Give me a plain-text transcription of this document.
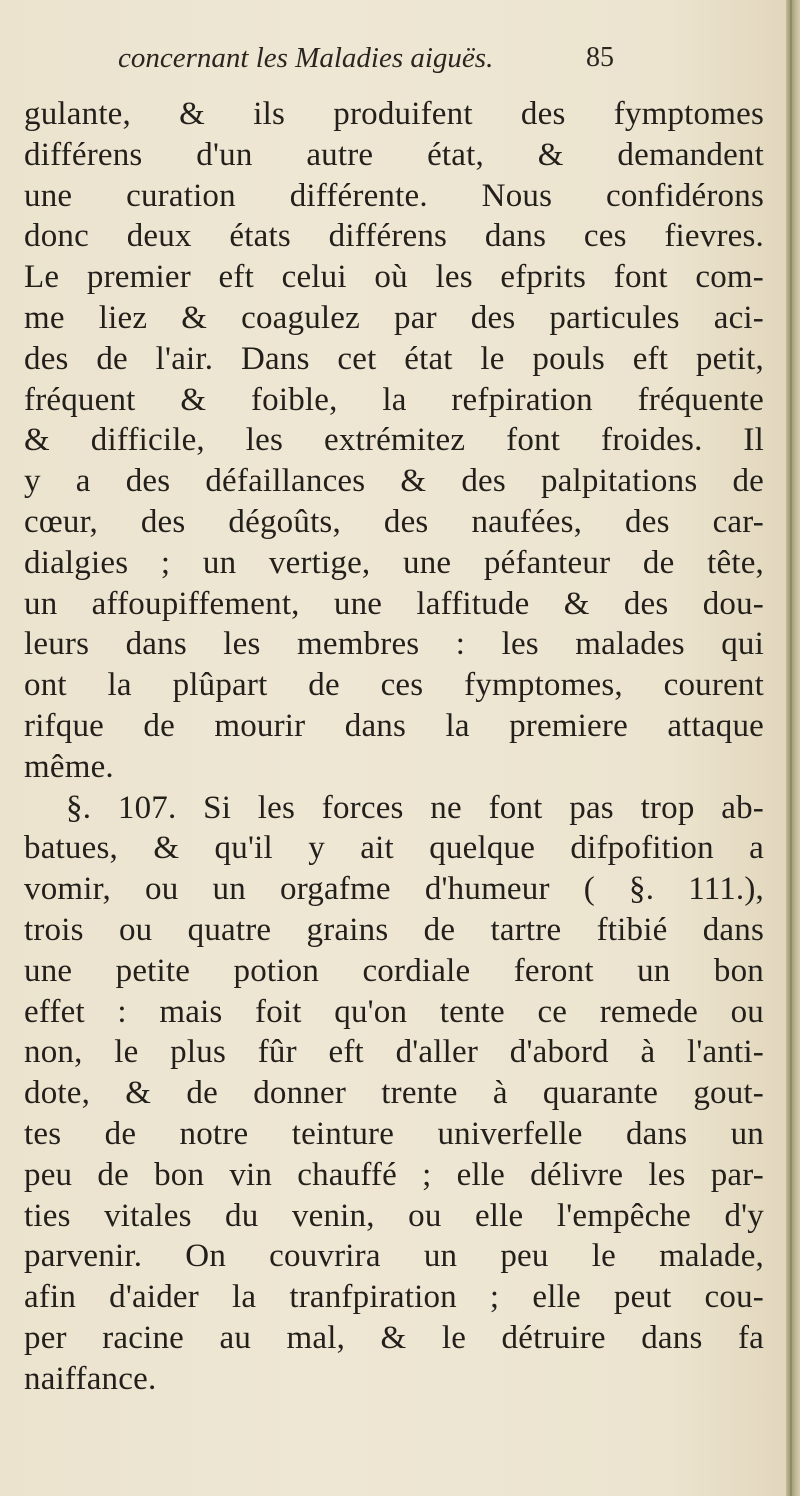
concernant les Maladies aiguës.	85
gulante, & ils produifent des fymptomes
différens d'un autre état, & demandent
une curation différente. Nous confidérons
donc deux états différens dans ces fievres.
Le premier eft celui où les efprits font com-
me liez & coagulez par des particules aci-
des de l'air. Dans cet état le pouls eft petit,
fréquent & foible, la refpiration fréquente
& difficile, les extrémitez font froides. Il
y a des défaillances & des palpitations de
cœur, des dégoûts, des naufées, des car-
dialgies ; un vertige, une péfanteur de tête,
un affoupiffement, une laffitude & des dou-
leurs dans les membres : les malades qui
ont la plûpart de ces fymptomes, courent
rifque de mourir dans la premiere attaque
même.
§. 107. Si les forces ne font pas trop ab-
batues, & qu'il y ait quelque difpofition a
vomir, ou un orgafme d'humeur ( §. 111.),
trois ou quatre grains de tartre ftibié dans
une petite potion cordiale feront un bon
effet : mais foit qu'on tente ce remede ou
non, le plus fûr eft d'aller d'abord à l'anti-
dote, & de donner trente à quarante gout-
tes de notre teinture univerfelle dans un
peu de bon vin chauffé ; elle délivre les par-
ties vitales du venin, ou elle l'empêche d'y
parvenir. On couvrira un peu le malade,
afin d'aider la tranfpiration ; elle peut cou-
per racine au mal, & le détruire dans fa
naiffance.
